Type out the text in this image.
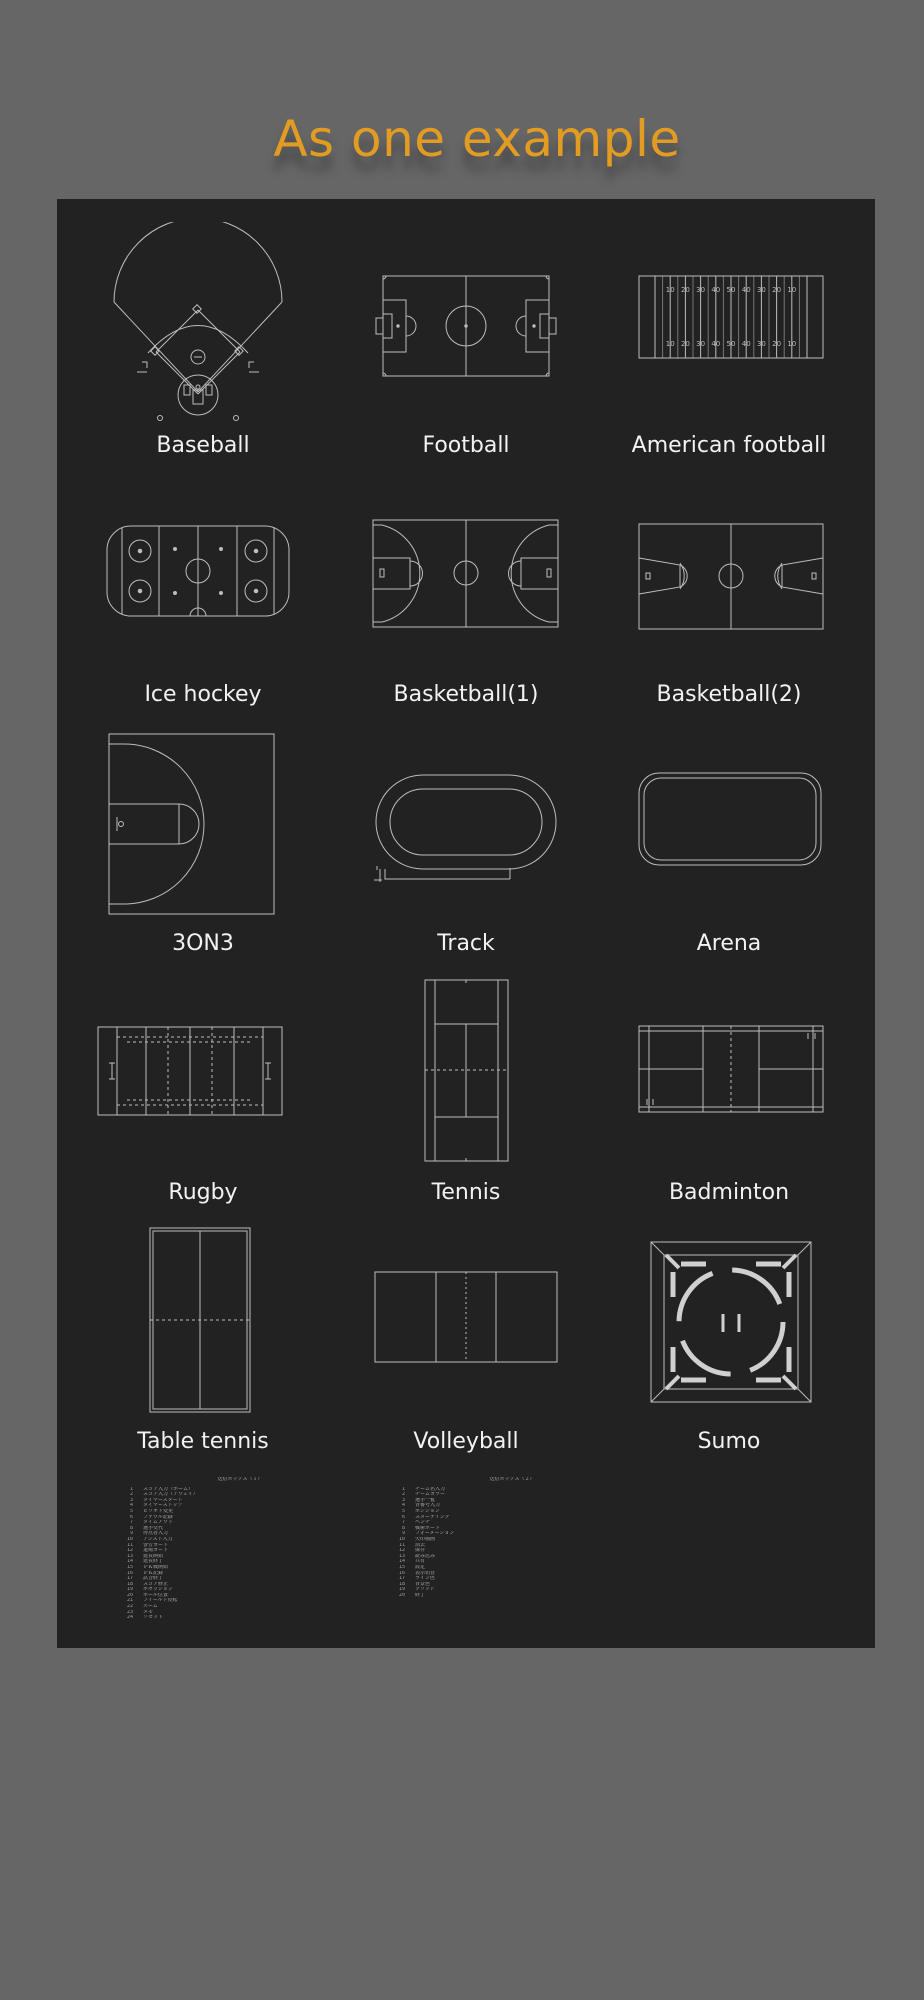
As one example
Baseball	Football
10
10
20
20
30
30
40
40
50
50
40
40
30
30
20
20
10
10
American football
Ice hockey	Basketball(1)	Basketball(2)
3ON3	Track	Arena
Rugby	Tennis	Badminton
Table tennis	Volleyball	Sumo
送信ボックス（１）
1 スコア入力（ホーム）
2 スコア入力（アウェイ）
3 タイマースタート
4 タイマーストップ
5 ピリオド変更
6 ファウル記録
7 タイムアウト
8 選手交代
9 得点者入力
10 アシスト入力
11 警告カード
12 退場カード
13 延長開始
14 延長終了
15 ＰＫ戦開始
16 ＰＫ記録
17 試合終了
18 スコア修正
19 ポゼッション
20 ボール位置
21 フィールド反転
22 ズーム
23 メモ
24 リセット
送信ボックス（２）
1 チーム名入力
2 チームカラー
3 選手一覧
4 背番号入力
5 ポジション
6 スターティング
7 ベンチ
8 戦術ボード
9 フォーメーション
10 矢印描画
11 消去
12 保存
13 読み込み
14 共有
15 設定
16 表示切替
17 ライン色
18 背景色
19 グリッド
20 終了
